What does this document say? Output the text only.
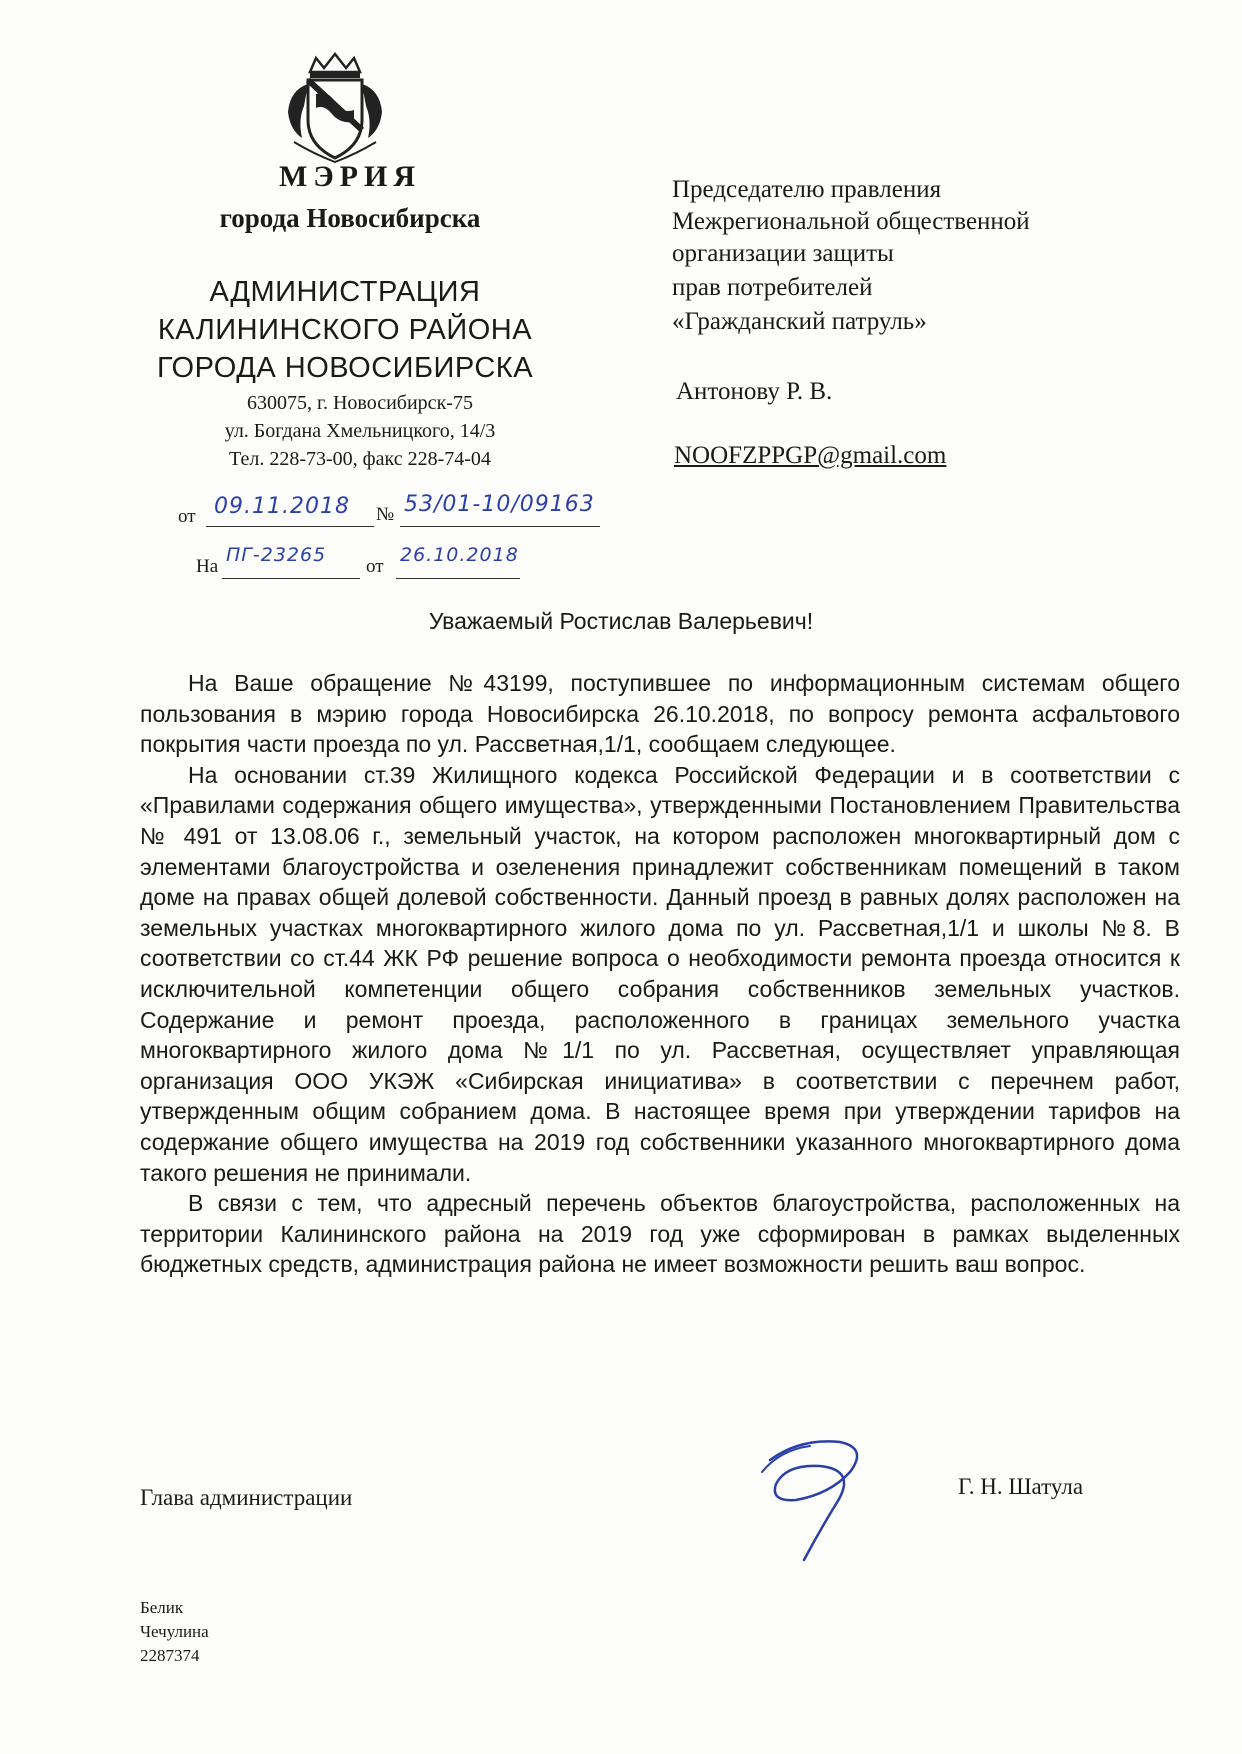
МЭРИЯ
города Новосибирска
АДМИНИСТРАЦИЯ
КАЛИНИНСКОГО РАЙОНА
ГОРОДА НОВОСИБИРСКА
630075, г. Новосибирск-75
ул. Богдана Хмельницкого, 14/3
Тел. 228-73-00, факс 228-74-04
от 09.11.2018	№ 53/01-10/09163
На
ПГ-23265
от
26.10.2018
Председателю правления
Межрегиональной общественной
организации защиты
прав потребителей
«Гражданский патруль»
Антонову Р. В.
NOOFZPPGP@gmail.com
Уважаемый Ростислав Валерьевич!

На Ваше обращение №43199, поступившее по информационным системам общего пользования в мэрию города Новосибирска 26.10.2018, по вопросу ремонта асфальтового покрытия части проезда по ул. Рассветная,1/1, сообщаем следующее.

На основании ст.39 Жилищного кодекса Российской Федерации и в соответствии с «Правилами содержания общего имущества», утвержденными Постановлением Правительства № 491 от 13.08.06 г., земельный участок, на котором расположен многоквартирный дом с элементами благоустройства и озеленения принадлежит собственникам помещений в таком доме на правах общей долевой собственности. Данный проезд в равных долях расположен на земельных участках многоквартирного жилого дома по ул. Рассветная,1/1 и школы №8. В соответствии со ст.44 ЖК РФ решение вопроса о необходимости ремонта проезда относится к исключительной компетенции общего собрания собственников земельных участков. Содержание и ремонт проезда, расположенного в границах земельного участка многоквартирного жилого дома №1/1 по ул. Рассветная, осуществляет управляющая организация ООО УКЭЖ «Сибирская инициатива» в соответствии с перечнем работ, утвержденным общим собранием дома. В настоящее время при утверждении тарифов на содержание общего имущества на 2019 год собственники указанного многоквартирного дома такого решения не принимали.

В связи с тем, что адресный перечень объектов благоустройства, расположенных на территории Калининского района на 2019 год уже сформирован в рамках выделенных бюджетных средств, администрация района не имеет возможности решить ваш вопрос.

Глава администрации	Г. Н. Шатула
Белик
Чечулина
2287374
